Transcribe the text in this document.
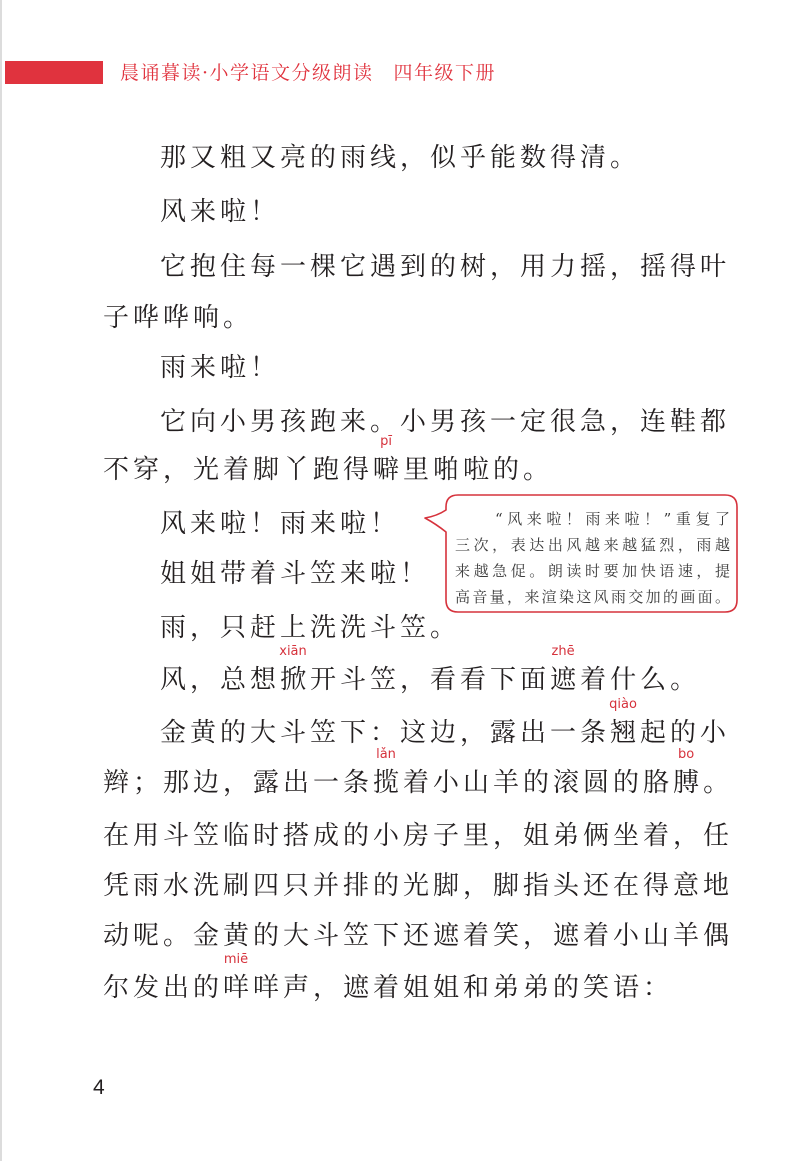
晨诵暮读·小学语文分级朗读 四年级下册
那又粗又亮的雨线，似乎能数得清。
风来啦！
它抱住每一棵它遇到的树，用力摇，摇得叶
子哗哗响。
雨来啦！
它向小男孩跑来。小男孩一定很急，连鞋都
不穿，光着脚丫跑得 噼
pī
里啪啦的。
风来啦！雨来啦！
姐姐带着斗笠来啦！
雨，只赶上洗洗斗笠。
风，总想 掀
xiān
开斗笠，看看下面 遮
zhē
着什么。
金黄的大斗笠下：这边，露出一条 翘
qiào
起的小
辫；那边，露出一条 揽
lǎn
着小山羊的滚圆的胳 膊
bo
。
在用斗笠临时搭成的小房子里，姐弟俩坐着，任
凭雨水洗刷四只并排的光脚，脚指头还在得意地
动呢。金黄的大斗笠下还遮着笑，遮着小山羊偶
尔发出的 咩
miē
咩声，遮着姐姐和弟弟的笑语：
“风来啦！雨来啦！”重复了
三次，表达出风越来越猛烈，雨越
来越急促。朗读时要加快语速，提
高音量，来渲染这风雨交加的画面。
4
